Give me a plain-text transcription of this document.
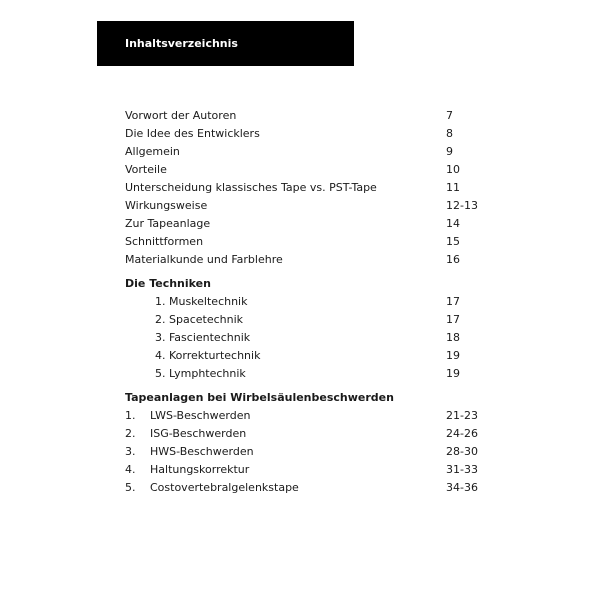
Inhaltsverzeichnis
Vorwort der Autoren	7
Die Idee des Entwicklers	8
Allgemein	9
Vorteile	10
Unterscheidung klassisches Tape vs. PST-Tape	11
Wirkungsweise	12-13
Zur Tapeanlage	14
Schnittformen	15
Materialkunde und Farblehre	16
Die Techniken
1. Muskeltechnik	17
2. Spacetechnik	17
3. Fascientechnik	18
4. Korrekturtechnik	19
5. Lymphtechnik	19
Tapeanlagen bei Wirbelsäulenbeschwerden
1. LWS-Beschwerden	21-23
2. ISG-Beschwerden	24-26
3. HWS-Beschwerden	28-30
4. Haltungskorrektur	31-33
5. Costovertebralgelenkstape	34-36
